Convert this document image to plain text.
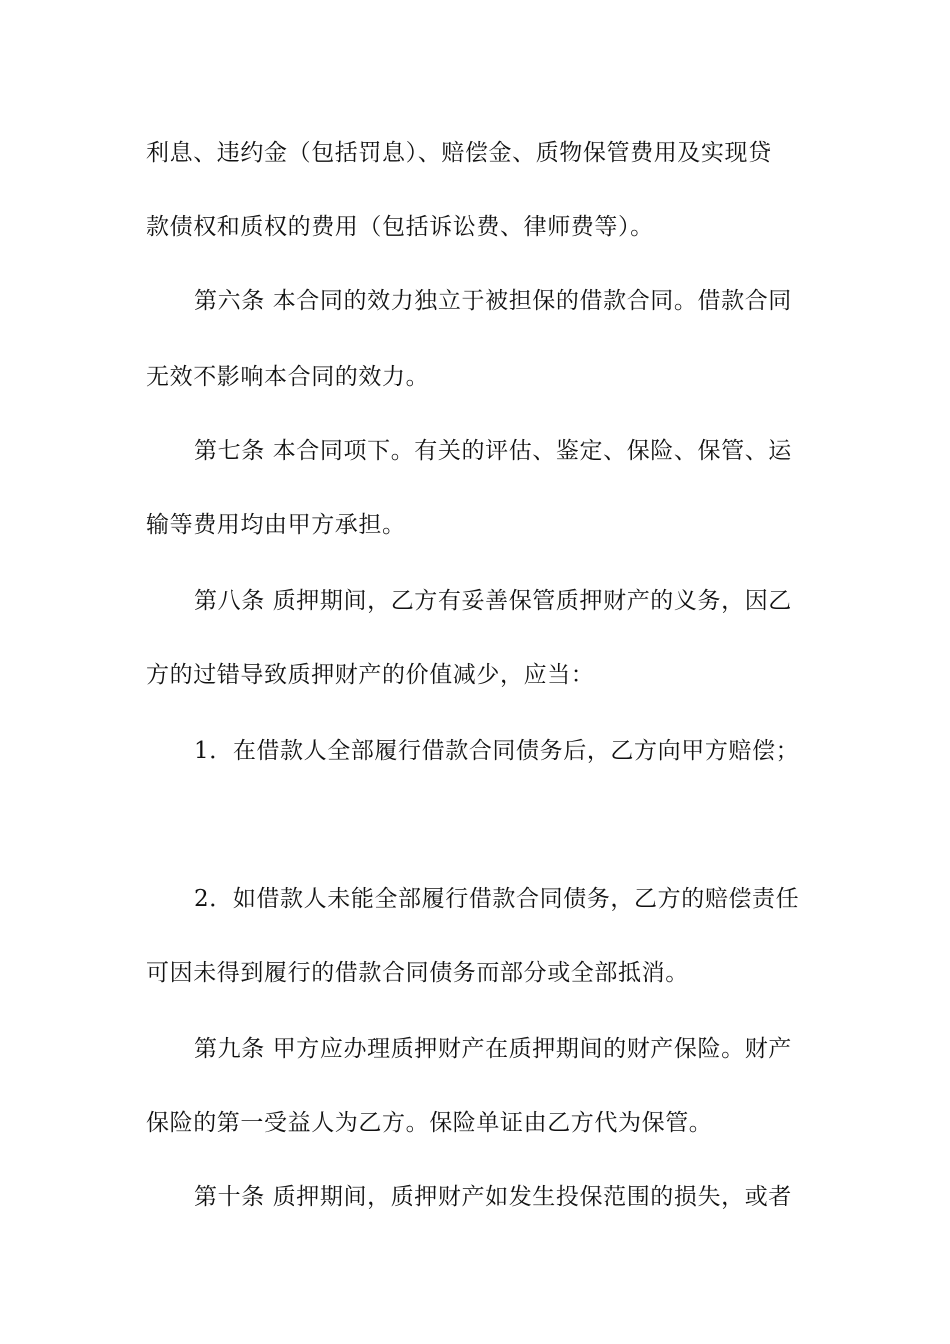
利息、违约金（包括罚息）、赔偿金、质物保管费用及实现贷
款债权和质权的费用（包括诉讼费、律师费等）。
第六条 本合同的效力独立于被担保的借款合同。借款合同
无效不影响本合同的效力。
第七条 本合同项下。有关的评估、鉴定、保险、保管、运
输等费用均由甲方承担。
第八条 质押期间，乙方有妥善保管质押财产的义务，因乙
方的过错导致质押财产的价值减少，应当：
1．在借款人全部履行借款合同债务后，乙方向甲方赔偿；
2．如借款人未能全部履行借款合同债务，乙方的赔偿责任
可因未得到履行的借款合同债务而部分或全部抵消。
第九条 甲方应办理质押财产在质押期间的财产保险。财产
保险的第一受益人为乙方。保险单证由乙方代为保管。
第十条 质押期间，质押财产如发生投保范围的损失，或者
